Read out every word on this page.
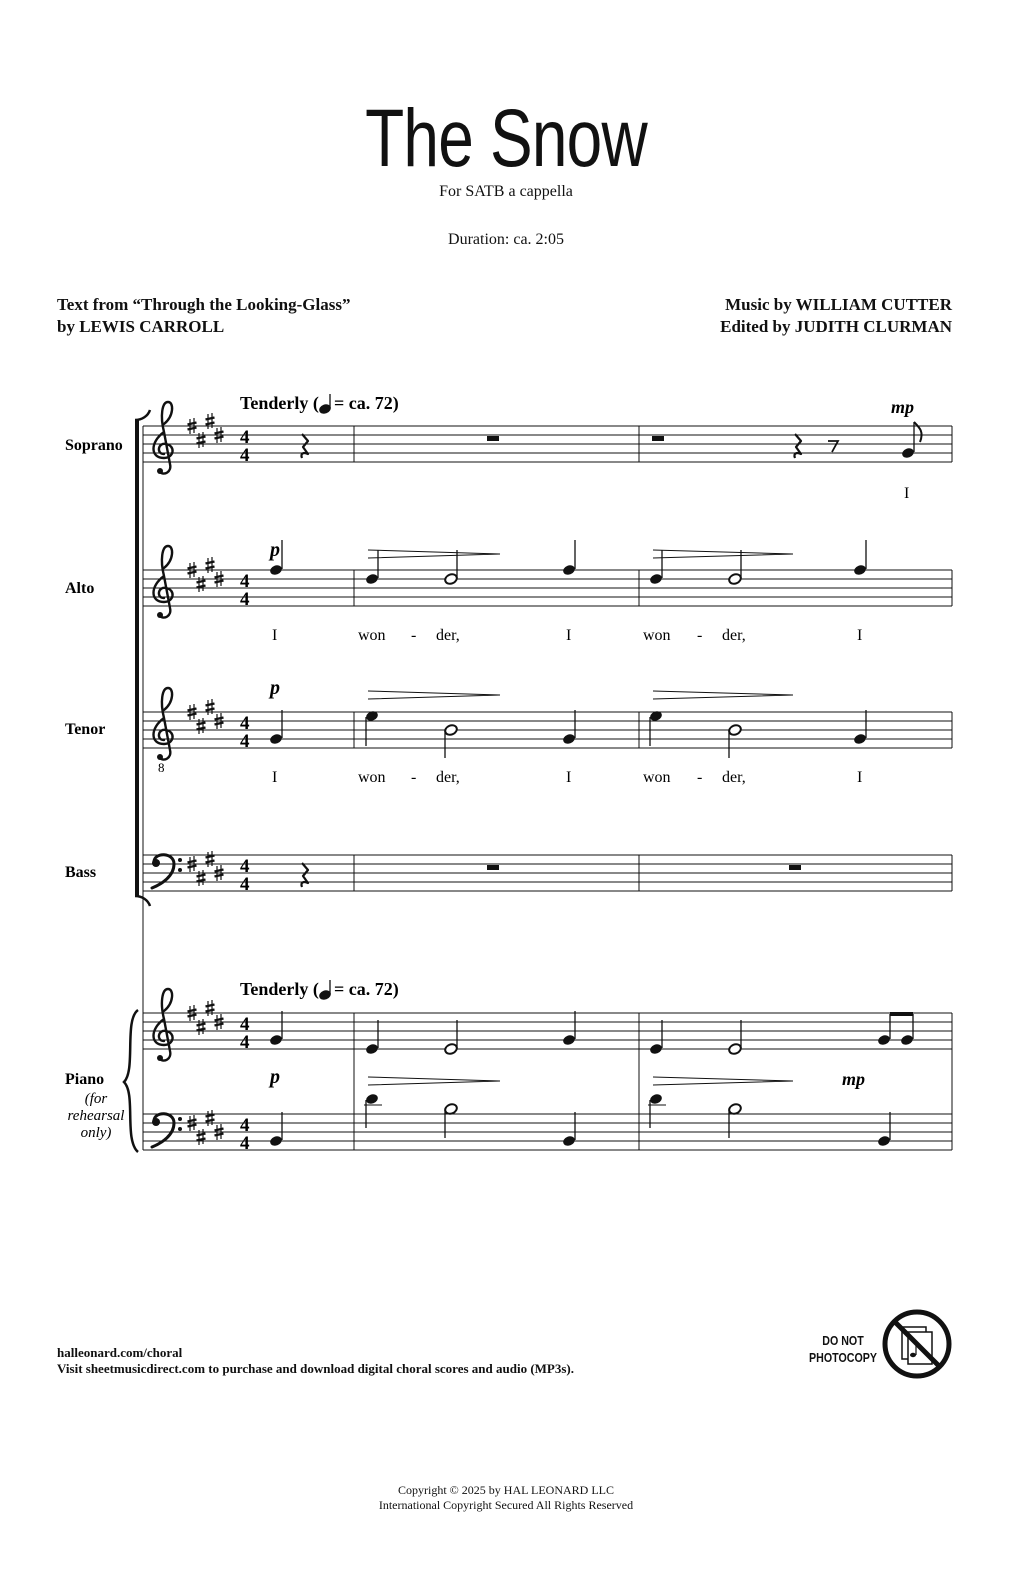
The Snow
For SATB a cappella
Duration: ca. 2:05
Text from “Through the Looking-Glass”
by LEWIS CARROLL
Music by WILLIAM CUTTER
Edited by JUDITH CLURMAN
4
4
mp
I
Tenderly ( = ca. 72)
Soprano
4
4
p
I	won - der,	I	won - der,	I
Alto
8
4
4
p
I	won - der,	I	won - der,	I
Tenor
4
4
Bass
Tenderly ( = ca. 72)
4
4
p	mp
4
4
Piano
(for
rehearsal
only)
halleonard.com/choral
Visit sheetmusicdirect.com to purchase and download digital choral scores and audio (MP3s).
DO NOT
PHOTOCOPY
Copyright © 2025 by HAL LEONARD LLC
International Copyright Secured All Rights Reserved
